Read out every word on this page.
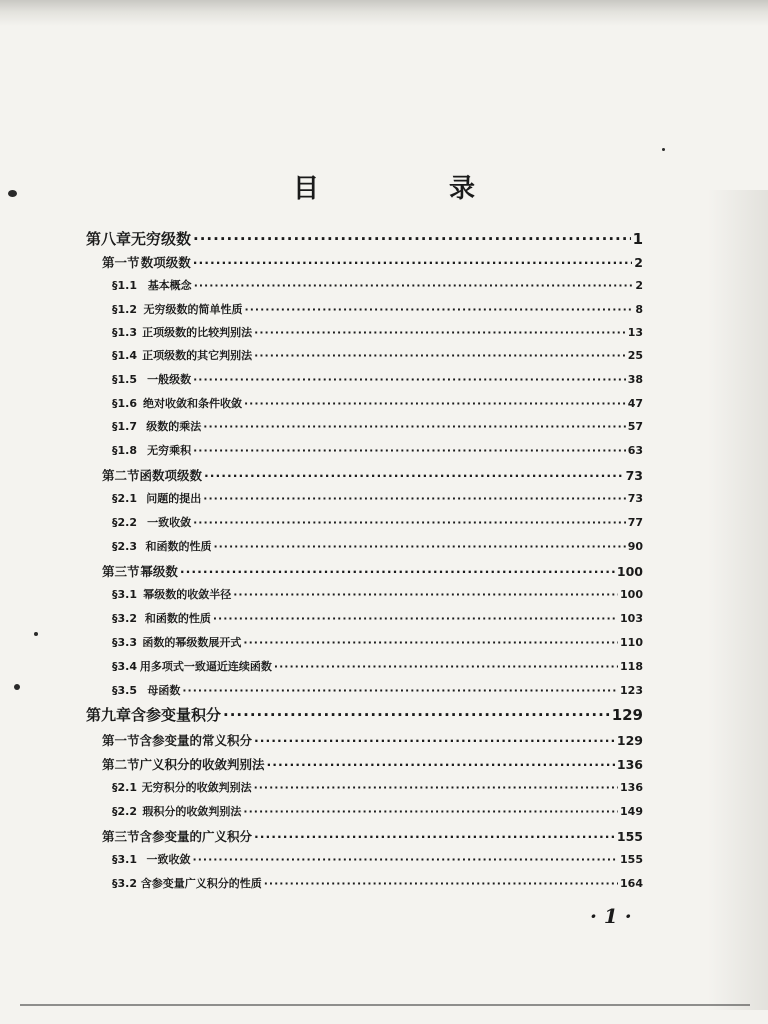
目　录
第八章 无穷级数 ·····	1
第一节 数项级数 ·····	2
§1.1 基本概念 ·····	2
§1.2 无穷级数的简单性质 ·····	8
§1.3 正项级数的比较判别法 ·····	13
§1.4 正项级数的其它判别法 ·····	25
§1.5 一般级数 ·····	38
§1.6 绝对收敛和条件收敛 ·····	47
§1.7 级数的乘法 ·····	57
§1.8 无穷乘积 ·····	63
第二节 函数项级数 ·····	73
§2.1 问题的提出 ·····	73
§2.2 一致收敛 ·····	77
§2.3 和函数的性质 ·····	90
第三节 幂级数 ·····	100
§3.1 幂级数的收敛半径 ·····	100
§3.2 和函数的性质 ·····	103
§3.3 函数的幂级数展开式 ·····	110
§3.4 用多项式一致逼近连续函数 ·····	118
§3.5 母函数 ·····	123
第九章 含参变量积分 ·····	129
第一节 含参变量的常义积分 ·····	129
第二节 广义积分的收敛判别法 ·····	136
§2.1 无穷积分的收敛判别法 ·····	136
§2.2 瑕积分的收敛判别法 ·····	149
第三节 含参变量的广义积分 ·····	155
§3.1 一致收敛 ·····	155
§3.2 含参变量广义积分的性质 ·····	164
· 1 ·
